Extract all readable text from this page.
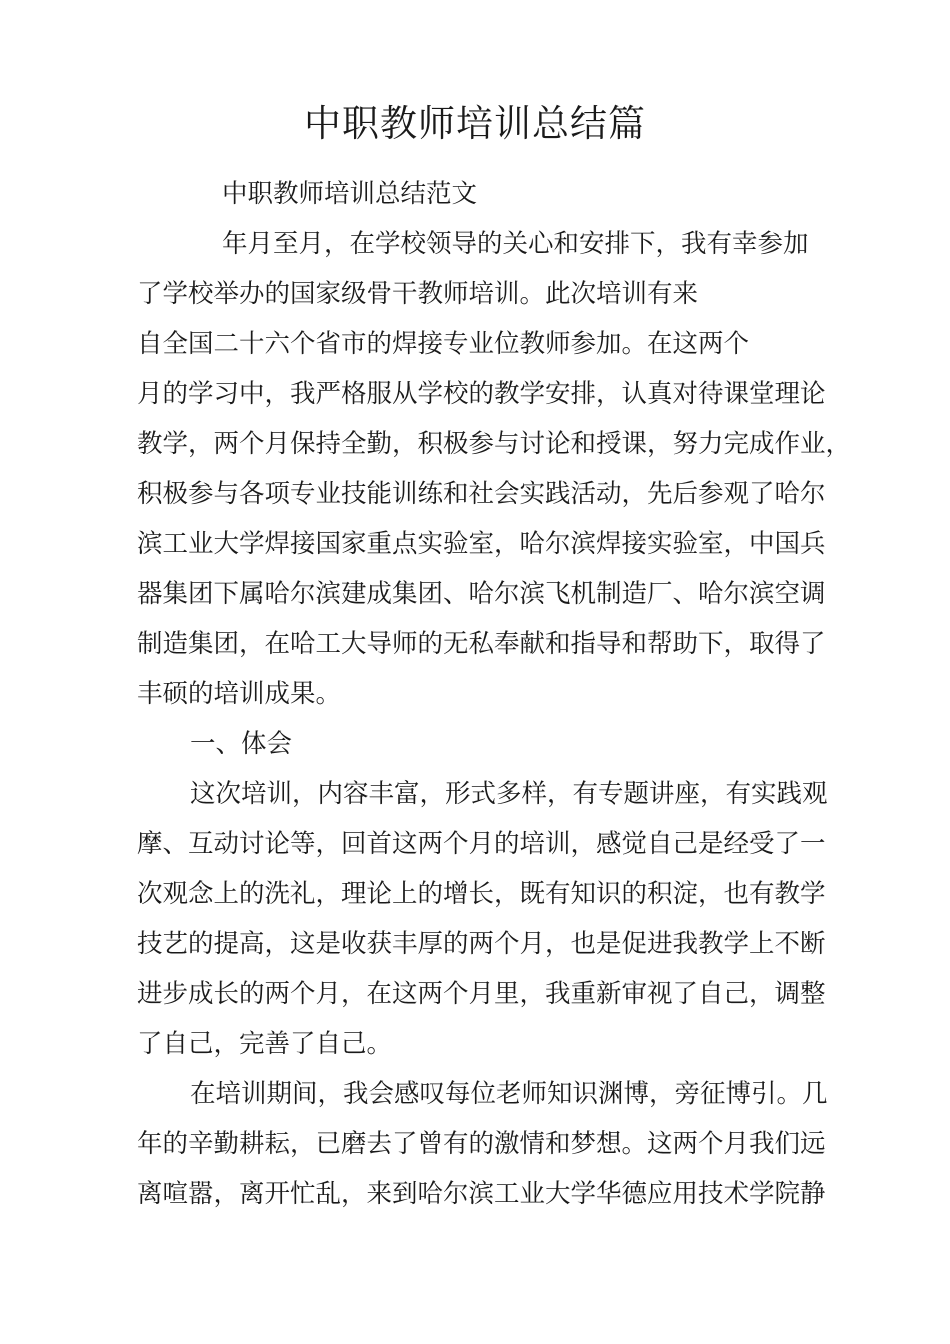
中职教师培训总结篇
中职教师培训总结范文
年月至月，在学校领导的关心和安排下，我有幸参加
了学校举办的国家级骨干教师培训。此次培训有来
自全国二十六个省市的焊接专业位教师参加。在这两个
月的学习中，我严格服从学校的教学安排，认真对待课堂理论
教学，两个月保持全勤，积极参与讨论和授课，努力完成作业，
积极参与各项专业技能训练和社会实践活动，先后参观了哈尔
滨工业大学焊接国家重点实验室，哈尔滨焊接实验室，中国兵
器集团下属哈尔滨建成集团、哈尔滨飞机制造厂、哈尔滨空调
制造集团，在哈工大导师的无私奉献和指导和帮助下，取得了
丰硕的培训成果。
一、体会
这次培训，内容丰富，形式多样，有专题讲座，有实践观
摩、互动讨论等，回首这两个月的培训，感觉自己是经受了一
次观念上的洗礼，理论上的增长，既有知识的积淀，也有教学
技艺的提高，这是收获丰厚的两个月，也是促进我教学上不断
进步成长的两个月，在这两个月里，我重新审视了自己，调整
了自己，完善了自己。
在培训期间，我会感叹每位老师知识渊博，旁征博引。几
年的辛勤耕耘，已磨去了曾有的激情和梦想。这两个月我们远
离喧嚣，离开忙乱，来到哈尔滨工业大学华德应用技术学院静
